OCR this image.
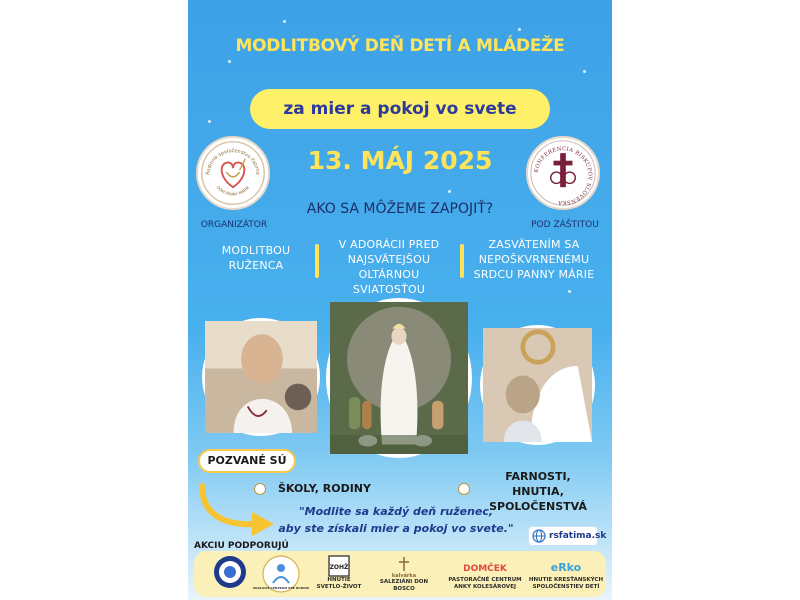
MODLITBOVÝ DEŇ DETÍ A MLÁDEŽE
za mier a pokoj vo svete
13. MÁJ 2025
Rodinné spoločenstvo Fatima
DOM PANNY MÁRIE
ORGANIZÁTOR
KONFERENCIA BISKUPOV SLOVENSKA
POD ZÁŠTITOU
AKO SA MÔŽEME ZAPOJIŤ?
MODLITBOU
RUŽENCA
V ADORÁCII PRED
NAJSVÄTEJŠOU
OLTÁRNOU
SVIATOSŤOU
ZASVÄTENÍM SA
NEPOŠKVRNENÉMU
SRDCU PANNY MÁRIE
POZVANÉ SÚ
ŠKOLY, RODINY
FARNOSTI, HNUTIA,
SPOLOČENSTVÁ
"Modlite sa každý deň ruženec,
aby ste získali mier a pokoj vo svete."
rsfatima.sk
AKCIU PODPORUJÚ
ANGLICKÉ CENTRUM PRE RODINU
ZOHŽ
HNUTIE
SVETLO-ŽIVOT
kalvárka
SALEZIÁNI DON BOSCO
DOMČEK
PASTORAČNÉ CENTRUM
ANKY KOLESÁROVEJ
eRko
HNUTIE KRESŤANSKÝCH
SPOLOČENSTIEV DETÍ
